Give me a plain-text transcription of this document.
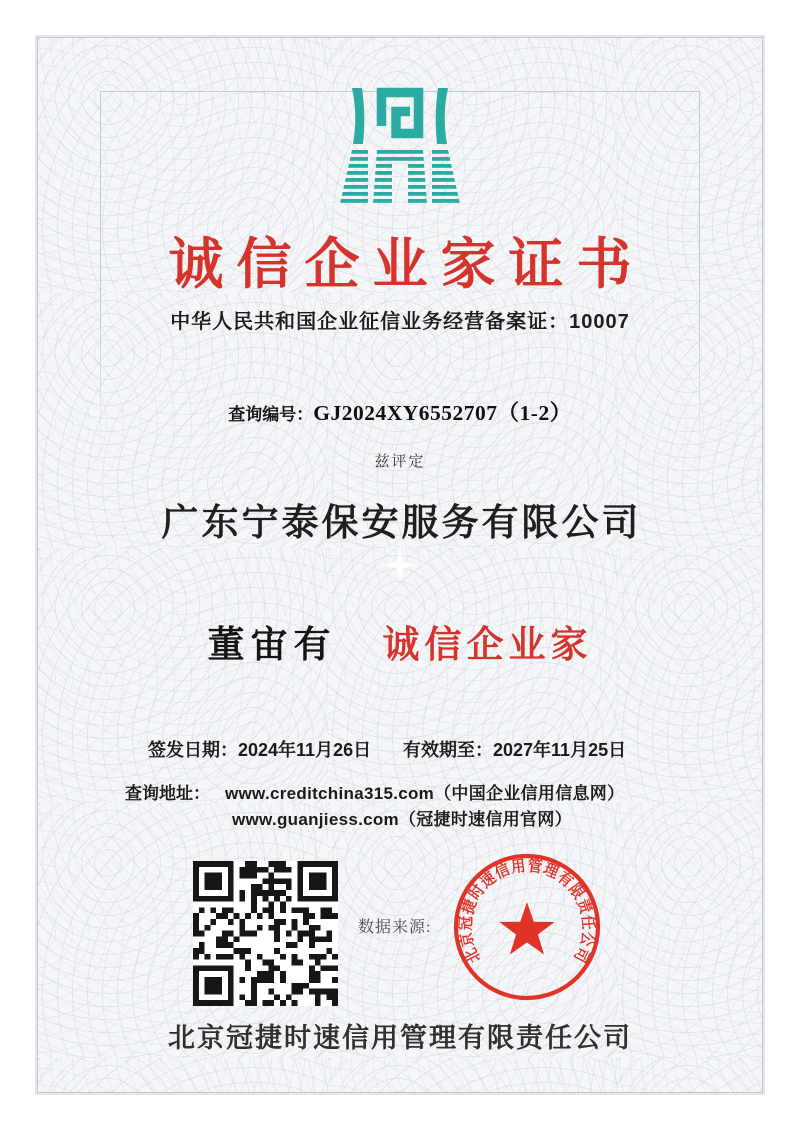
诚信企业家证书
中华人民共和国企业征信业务经营备案证：10007
查询编号：GJ2024XY6552707（1-2）
兹评定
广东宁泰保安服务有限公司
董宙有 诚信企业家
签发日期：2024年11月26日 有效期至：2027年11月25日
查询地址： www.creditchina315.com（中国企业信用信息网）
www.guanjiess.com（冠捷时速信用官网）
数据来源:
北京冠捷时速信用管理有限责任公司
北京冠捷时速信用管理有限责任公司
